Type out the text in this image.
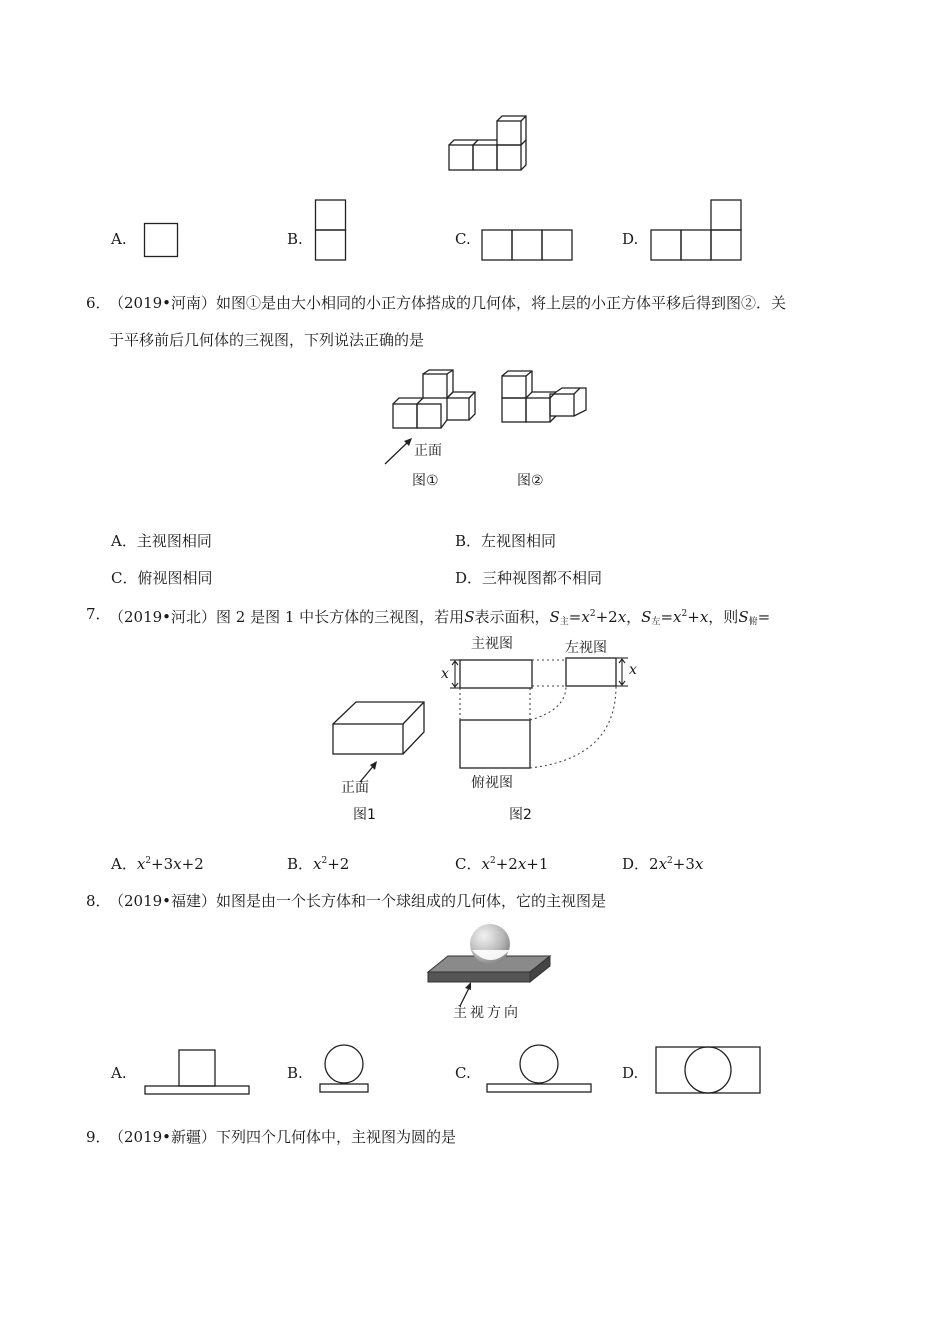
A.	B.	C.	D.
6．
（2019•河南）如图①是由大小相同的小正方体搭成的几何体，将上层的小正方体平移后得到图②．关
于平移前后几何体的三视图，下列说法正确的是
正面
图①	图②
A．主视图相同	B．左视图相同
C．俯视图相同	D．三种视图都不相同
7．
（2019•河北）图 2 是图 1 中长方体的三视图，若用S表示面积，$S_主=x^2+2x$，$S_左=x^2+x$，则$S_俯=$
正面
图1
x	x
主视图	左视图
俯视图
图2
A．$x^2+3x+2$	B．$x^2+2$	C．$x^2+2x+1$	D．$2x^2+3x$
8．
（2019•福建）如图是由一个长方体和一个球组成的几何体，它的主视图是
主视方向
A.	B.	C.	D.
9．
（2019•新疆）下列四个几何体中，主视图为圆的是
